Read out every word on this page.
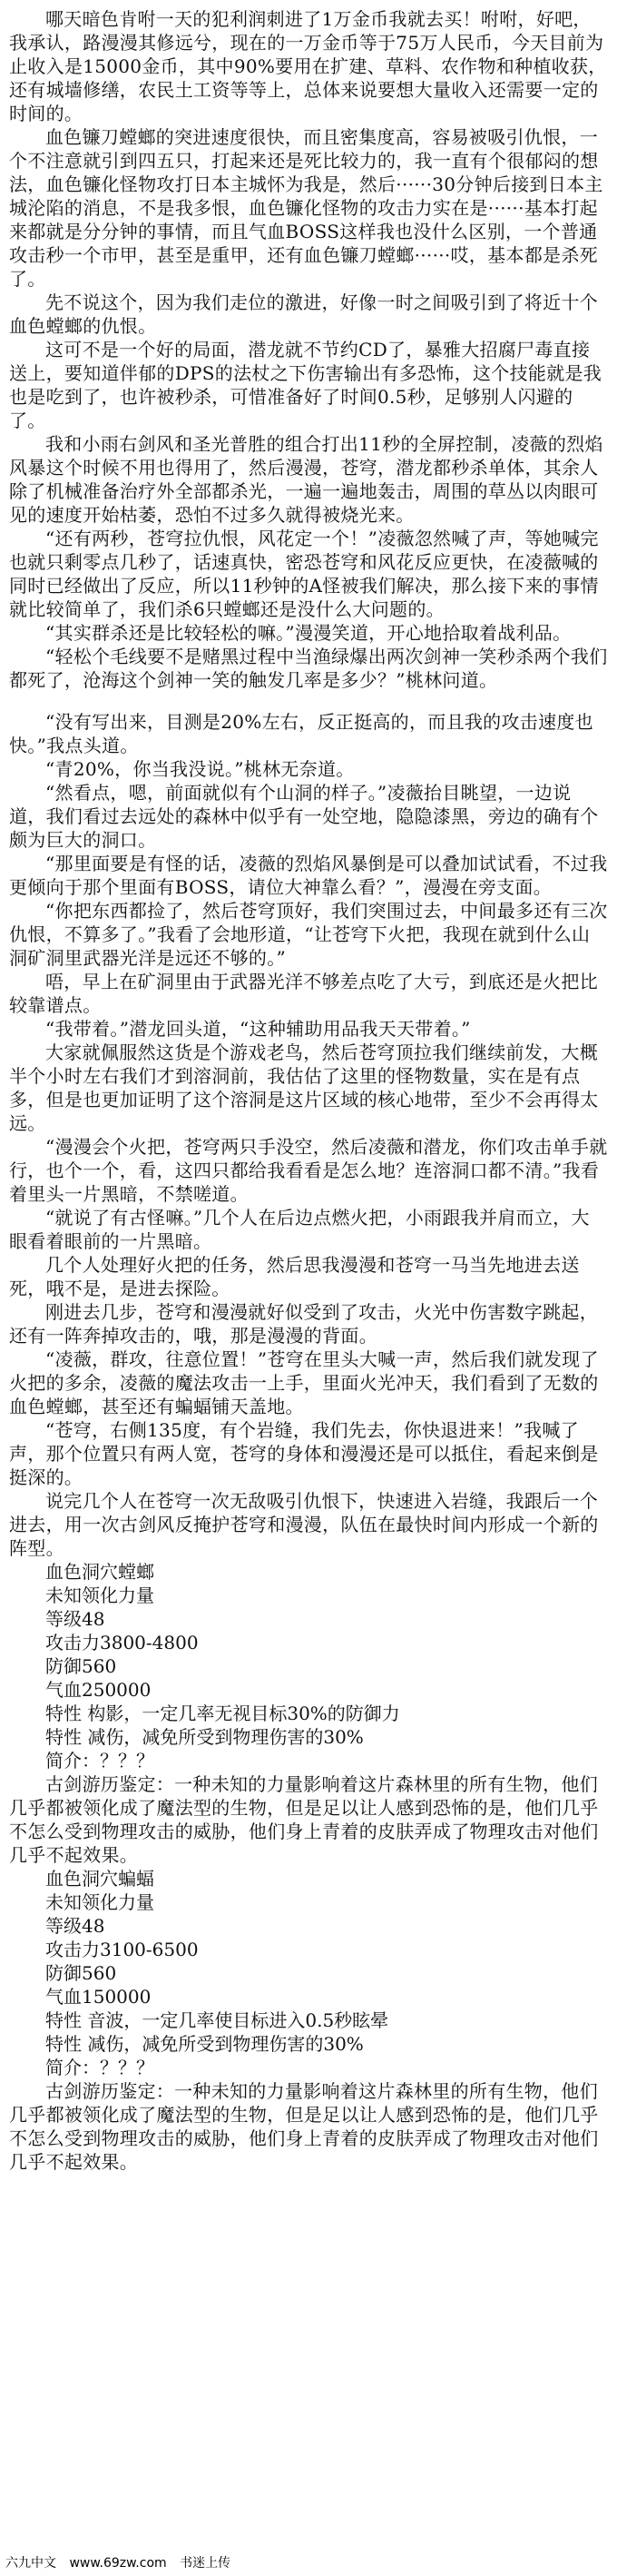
哪天暗色肯咐一天的犯利润刺进了1万金币我就去买！咐咐，好吧，我承认，路漫漫其修远兮，现在的一万金币等于75万人民币，今天目前为止收入是15000金币，其中90%要用在扩建、草料、农作物和种植收获，还有城墙修缮，农民土工资等等上，总体来说要想大量收入还需要一定的时间的。

血色镰刀螳螂的突进速度很快，而且密集度高，容易被吸引仇恨，一个不注意就引到四五只，打起来还是死比较力的，我一直有个很郁闷的想法，血色镰化怪物攻打日本主城怀为我是，然后······30分钟后接到日本主城沦陷的消息，不是我多恨，血色镰化怪物的攻击力实在是······基本打起来都就是分分钟的事情，而且气血BOSS这样我也没什么区别，一个普通攻击秒一个市甲，甚至是重甲，还有血色镰刀螳螂······哎，基本都是杀死了。

先不说这个，因为我们走位的激进，好像一时之间吸引到了将近十个血色螳螂的仇恨。

这可不是一个好的局面，潜龙就不节约CD了，暴雅大招腐尸毒直接送上，要知道伴郁的DPS的法杖之下伤害输出有多恐怖，这个技能就是我也是吃到了，也许被秒杀，可惜准备好了时间0.5秒，足够别人闪避的了。

我和小雨右剑风和圣光普胜的组合打出11秒的全屏控制，凌薇的烈焰风暴这个时候不用也得用了，然后漫漫，苍穹，潜龙都秒杀单体，其余人除了机械准备治疗外全部都杀光，一遍一遍地轰击，周围的草丛以肉眼可见的速度开始枯萎，恐怕不过多久就得被烧光来。

“还有两秒，苍穹拉仇恨，风花定一个！”凌薇忽然喊了声，等她喊完也就只剩零点几秒了，话速真快，密恐苍穹和风花反应更快，在凌薇喊的同时已经做出了反应，所以11秒钟的A怪被我们解决，那么接下来的事情就比较简单了，我们杀6只螳螂还是没什么大问题的。

“其实群杀还是比较轻松的嘛。”漫漫笑道，开心地拾取着战利品。

“轻松个毛线要不是赌黑过程中当渔绿爆出两次剑神一笑秒杀两个我们都死了，沧海这个剑神一笑的触发几率是多少？”桃林问道。

“没有写出来，目测是20%左右，反正挺高的，而且我的攻击速度也快。”我点头道。

“青20%，你当我没说。”桃林无奈道。

“然看点，嗯，前面就似有个山洞的样子。”凌薇抬目眺望，一边说道，我们看过去远处的森林中似乎有一处空地，隐隐漆黑，旁边的确有个颇为巨大的洞口。

“那里面要是有怪的话，凌薇的烈焰风暴倒是可以叠加试试看，不过我更倾向于那个里面有BOSS，请位大神靠么看？”，漫漫在旁支面。

“你把东西都捡了，然后苍穹顶好，我们突围过去，中间最多还有三次仇恨，不算多了。”我看了会地形道，“让苍穹下火把，我现在就到什么山洞矿洞里武器光洋是远还不够的。”

唔，早上在矿洞里由于武器光洋不够差点吃了大亏，到底还是火把比较靠谱点。

“我带着。”潜龙回头道，“这种辅助用品我天天带着。”

大家就佩服然这货是个游戏老鸟，然后苍穹顶拉我们继续前发，大概半个小时左右我们才到溶洞前，我估估了这里的怪物数量，实在是有点多，但是也更加证明了这个溶洞是这片区域的核心地带，至少不会再得太远。

“漫漫会个火把，苍穹两只手没空，然后凌薇和潜龙，你们攻击单手就行，也个一个，看，这四只都给我看看是怎么地？连溶洞口都不清。”我看着里头一片黑暗，不禁嗟道。

“就说了有古怪嘛。”几个人在后边点燃火把，小雨跟我并肩而立，大眼看着眼前的一片黑暗。

几个人处理好火把的任务，然后思我漫漫和苍穹一马当先地进去送死，哦不是，是进去探险。

刚进去几步，苍穹和漫漫就好似受到了攻击，火光中伤害数字跳起，还有一阵奔掉攻击的，哦，那是漫漫的背面。

“凌薇，群攻，往意位置！”苍穹在里头大喊一声，然后我们就发现了火把的多余，凌薇的魔法攻击一上手，里面火光冲天，我们看到了无数的血色螳螂，甚至还有蝙蝠铺天盖地。

“苍穹，右侧135度，有个岩缝，我们先去，你快退进来！”我喊了声，那个位置只有两人宽，苍穹的身体和漫漫还是可以抵住，看起来倒是挺深的。

说完几个人在苍穹一次无敌吸引仇恨下，快速进入岩缝，我跟后一个进去，用一次古剑风反掩护苍穹和漫漫，队伍在最快时间内形成一个新的阵型。

血色洞穴螳螂

未知领化力量

等级48

攻击力3800-4800

防御560

气血250000

特性 构影，一定几率无视目标30%的防御力

特性 减伤，减免所受到物理伤害的30%

简介：？？？

古剑游历鉴定：一种未知的力量影响着这片森林里的所有生物，他们几乎都被领化成了魔法型的生物，但是足以让人感到恐怖的是，他们几乎不怎么受到物理攻击的威胁，他们身上青着的皮肤弄成了物理攻击对他们几乎不起效果。

血色洞穴蝙蝠

未知领化力量

等级48

攻击力3100-6500

防御560

气血150000

特性 音波，一定几率使目标进入0.5秒眩晕

特性 减伤，减免所受到物理伤害的30%

简介：？？？

古剑游历鉴定：一种未知的力量影响着这片森林里的所有生物，他们几乎都被领化成了魔法型的生物，但是足以让人感到恐怖的是，他们几乎不怎么受到物理攻击的威胁，他们身上青着的皮肤弄成了物理攻击对他们几乎不起效果。

六九中文 www.69zw.com 书迷上传
